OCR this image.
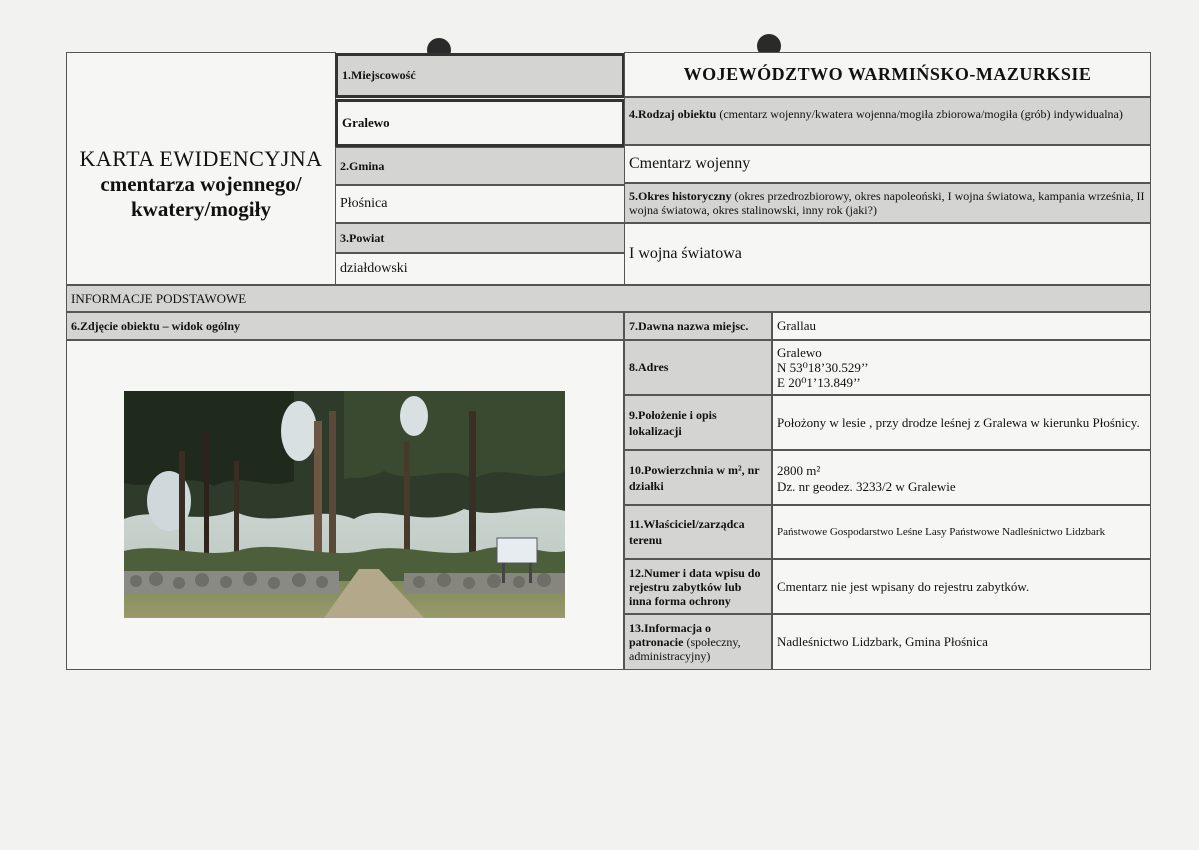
KARTA EWIDENCYJNA
cmentarza wojennego/
kwatery/mogiły
1.Miejscowość
Gralewo
2.Gmina
Płośnica
3.Powiat
działdowski
WOJEWÓDZTWO WARMIŃSKO-MAZURKSIE
4.Rodzaj obiektu (cmentarz wojenny/kwatera wojenna/mogiła zbiorowa/mogiła (grób) indywidualna)
Cmentarz wojenny
5.Okres historyczny (okres przedrozbiorowy, okres napoleoński, I wojna światowa, kampania września, II wojna światowa, okres stalinowski, inny rok (jaki?)
I wojna światowa
INFORMACJE PODSTAWOWE
6.Zdjęcie obiektu – widok ogólny	7.Dawna nazwa miejsc.	Grallau
8.Adres
Gralewo
N 53⁰18’30.529’’
E 20⁰1’13.849’’
9.Położenie i opis lokalizacji
Położony w lesie , przy drodze leśnej z Gralewa w kierunku Płośnicy.
10.Powierzchnia w m², nr działki
2800 m²
Dz. nr geodez. 3233/2 w Gralewie
11.Właściciel/zarządca terenu
Państwowe Gospodarstwo Leśne Lasy Państwowe Nadleśnictwo Lidzbark
12.Numer i data wpisu do rejestru zabytków lub inna forma ochrony
Cmentarz nie jest wpisany do rejestru zabytków.
13.Informacja o patronacie (społeczny, administracyjny)
Nadleśnictwo Lidzbark, Gmina Płośnica
